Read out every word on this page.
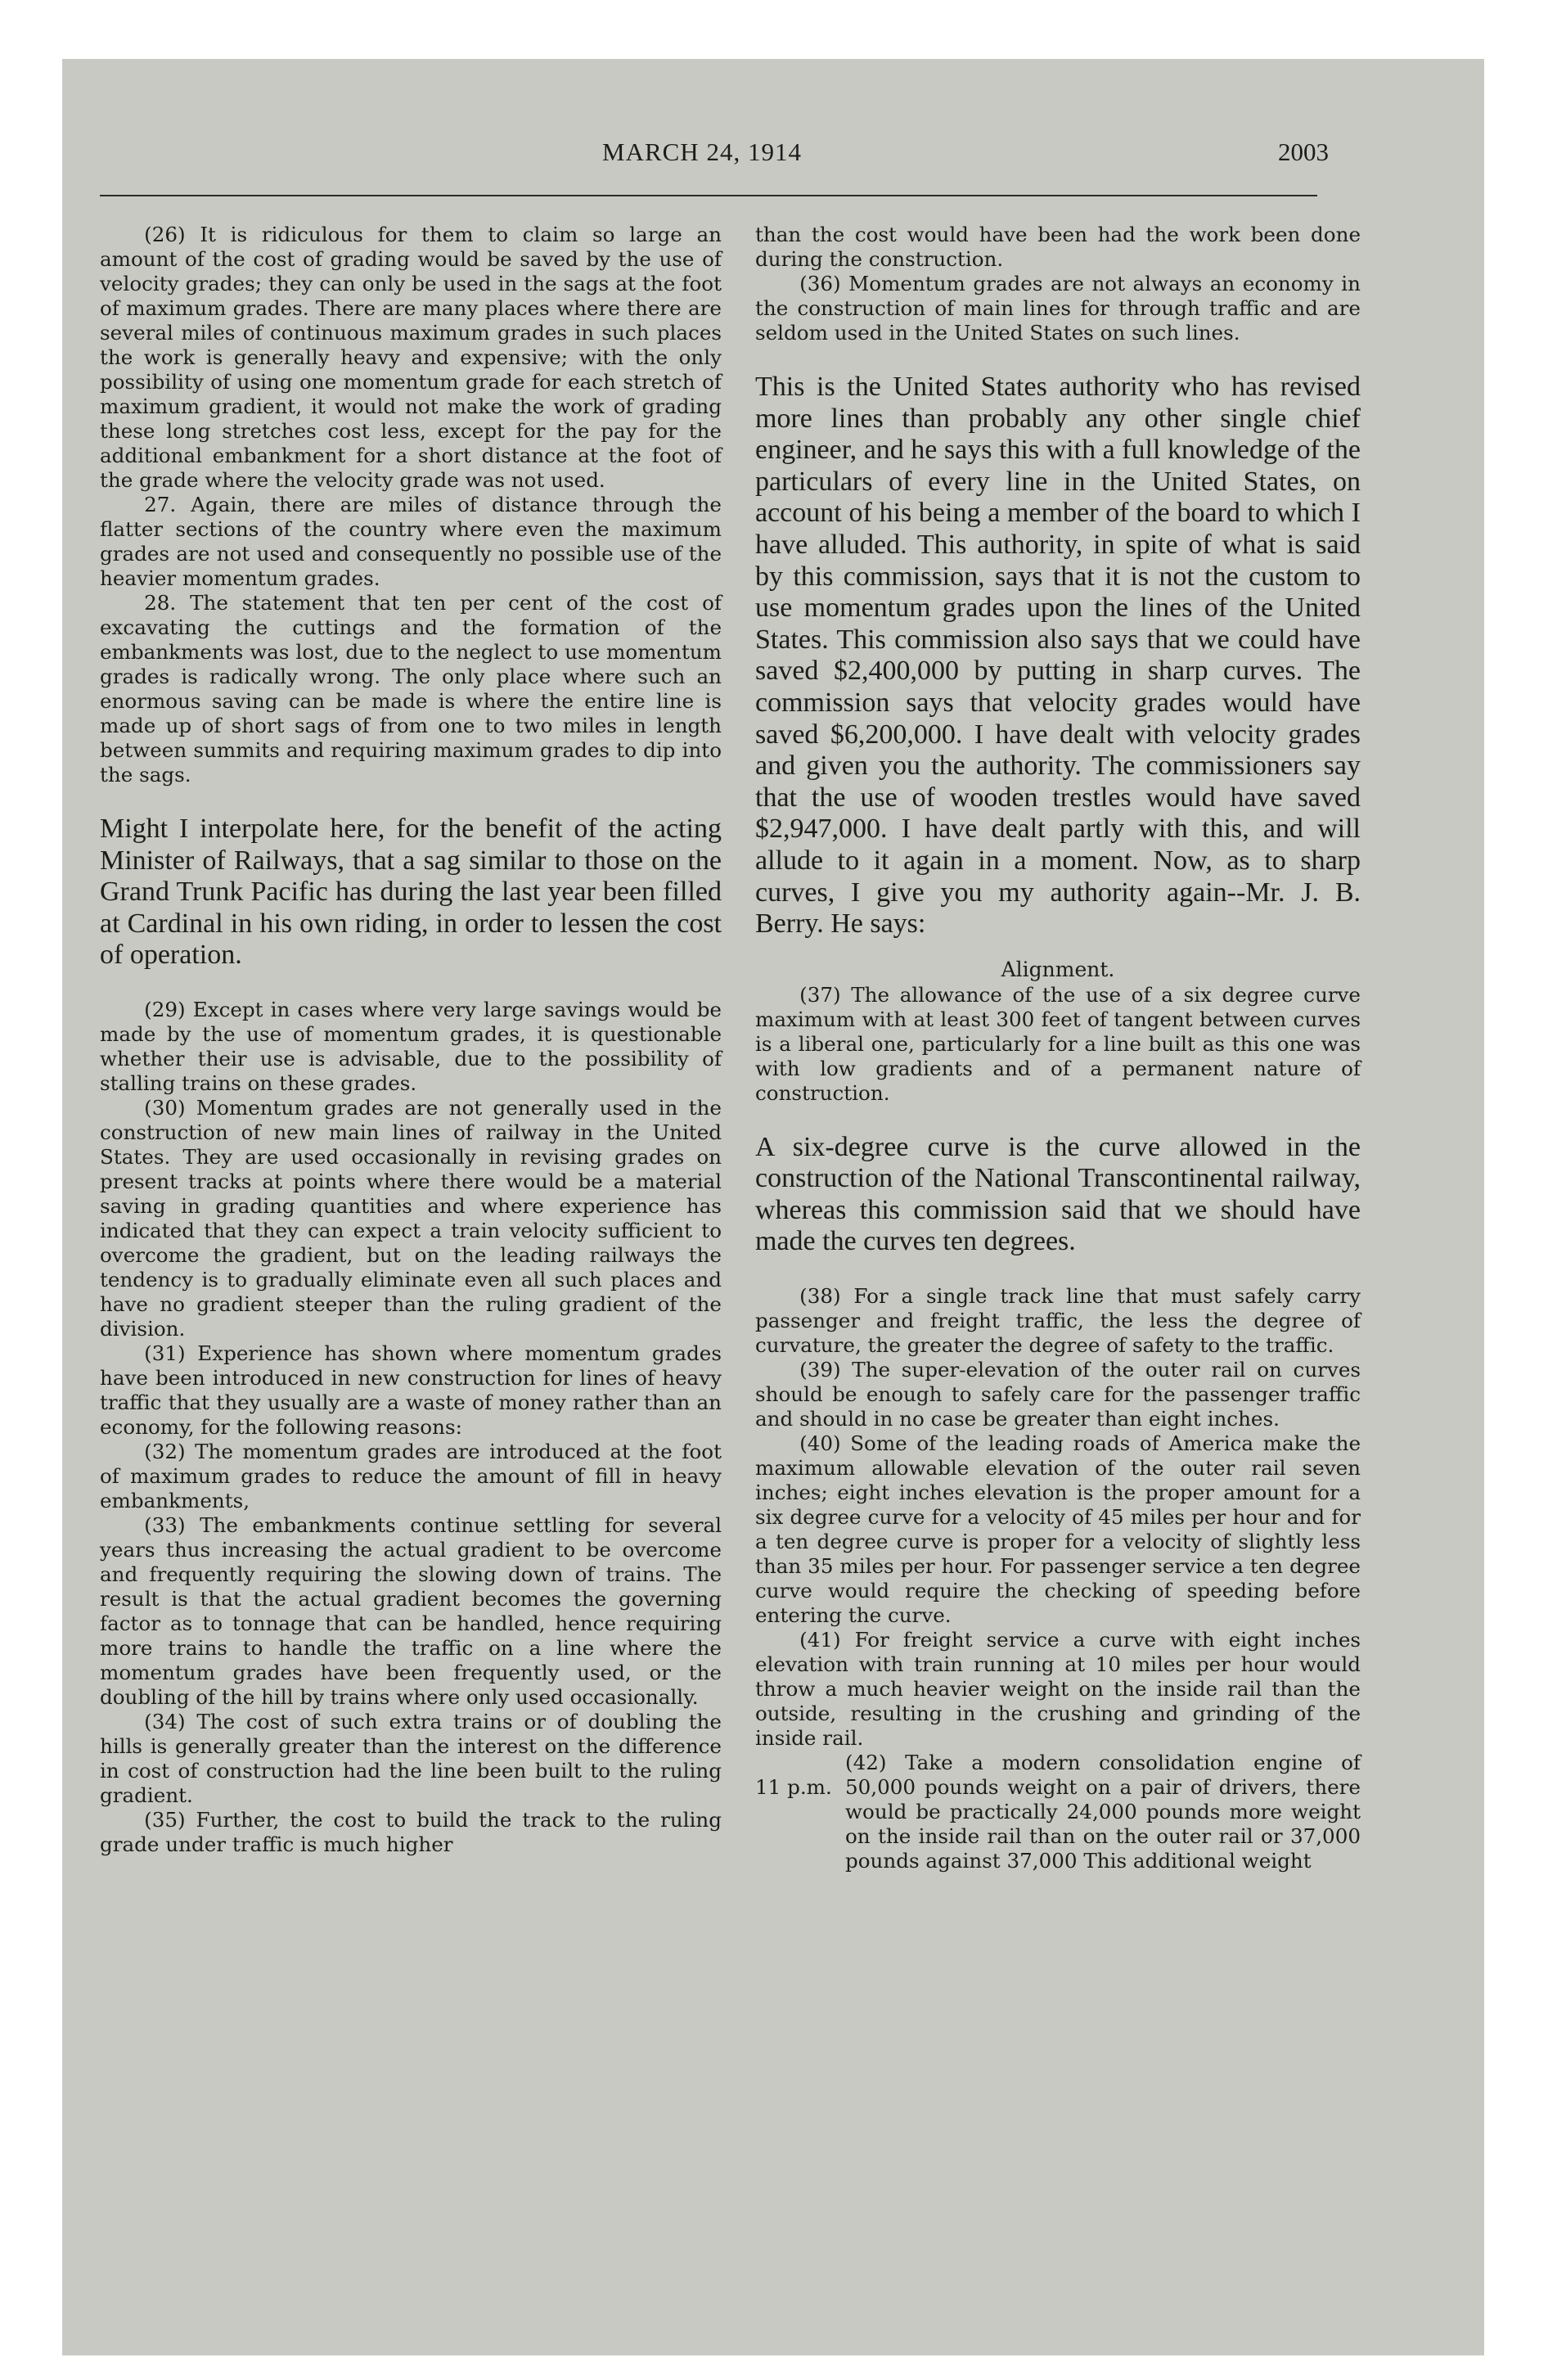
MARCH 24, 1914	2003

(26) It is ridiculous for them to claim so large an amount of the cost of grading would be saved by the use of velocity grades; they can only be used in the sags at the foot of maximum grades. There are many places where there are several miles of continuous maximum grades in such places the work is generally heavy and expensive; with the only possibility of using one momentum grade for each stretch of maximum gradient, it would not make the work of grading these long stretches cost less, except for the pay for the additional embankment for a short distance at the foot of the grade where the velocity grade was not used.

27. Again, there are miles of distance through the flatter sections of the country where even the maximum grades are not used and consequently no possible use of the heavier momentum grades.

28. The statement that ten per cent of the cost of excavating the cuttings and the formation of the embankments was lost, due to the neglect to use momentum grades is radically wrong. The only place where such an enormous saving can be made is where the entire line is made up of short sags of from one to two miles in length between summits and requiring maximum grades to dip into the sags.

Might I interpolate here, for the benefit of the acting Minister of Railways, that a sag similar to those on the Grand Trunk Pacific has during the last year been filled at Cardinal in his own riding, in order to lessen the cost of operation.

(29) Except in cases where very large savings would be made by the use of momentum grades, it is questionable whether their use is advisable, due to the possibility of stalling trains on these grades.

(30) Momentum grades are not generally used in the construction of new main lines of railway in the United States. They are used occasionally in revising grades on present tracks at points where there would be a material saving in grading quantities and where experience has indicated that they can expect a train velocity sufficient to overcome the gradient, but on the leading railways the tendency is to gradually eliminate even all such places and have no gradient steeper than the ruling gradient of the division.

(31) Experience has shown where momentum grades have been introduced in new construction for lines of heavy traffic that they usually are a waste of money rather than an economy, for the following reasons:

(32) The momentum grades are introduced at the foot of maximum grades to reduce the amount of fill in heavy embankments,

(33) The embankments continue settling for several years thus increasing the actual gradient to be overcome and frequently requiring the slowing down of trains. The result is that the actual gradient becomes the governing factor as to tonnage that can be handled, hence requiring more trains to handle the traffic on a line where the momentum grades have been frequently used, or the doubling of the hill by trains where only used occasionally.

(34) The cost of such extra trains or of doubling the hills is generally greater than the interest on the difference in cost of construction had the line been built to the ruling gradient.

(35) Further, the cost to build the track to the ruling grade under traffic is much higher

than the cost would have been had the work been done during the construction.

(36) Momentum grades are not always an economy in the construction of main lines for through traffic and are seldom used in the United States on such lines.

This is the United States authority who has revised more lines than probably any other single chief engineer, and he says this with a full knowledge of the particulars of every line in the United States, on account of his being a member of the board to which I have alluded. This authority, in spite of what is said by this commission, says that it is not the custom to use momentum grades upon the lines of the United States. This commission also says that we could have saved $2,400,000 by putting in sharp curves. The commission says that velocity grades would have saved $6,200,000. I have dealt with velocity grades and given you the authority. The commissioners say that the use of wooden trestles would have saved $2,947,000. I have dealt partly with this, and will allude to it again in a moment. Now, as to sharp curves, I give you my authority again--Mr. J. B. Berry. He says:

Alignment.

(37) The allowance of the use of a six degree curve maximum with at least 300 feet of tangent between curves is a liberal one, particularly for a line built as this one was with low gradients and of a permanent nature of construction.

A six-degree curve is the curve allowed in the construction of the National Transcontinental railway, whereas this commission said that we should have made the curves ten degrees.

(38) For a single track line that must safely carry passenger and freight traffic, the less the degree of curvature, the greater the degree of safety to the traffic.

(39) The super-elevation of the outer rail on curves should be enough to safely care for the passenger traffic and should in no case be greater than eight inches.

(40) Some of the leading roads of America make the maximum allowable elevation of the outer rail seven inches; eight inches elevation is the proper amount for a six degree curve for a velocity of 45 miles per hour and for a ten degree curve is proper for a velocity of slightly less than 35 miles per hour. For passenger service a ten degree curve would require the checking of speeding before entering the curve.

(41) For freight service a curve with eight inches elevation with train running at 10 miles per hour would throw a much heavier weight on the inside rail than the outside, resulting in the crushing and grinding of the inside rail.

11 p.m.

(42) Take a modern consolidation engine of 50,000 pounds weight on a pair of drivers, there would be practically 24,000 pounds more weight on the inside rail than on the outer rail or 37,000 pounds against 37,000 This additional weight
